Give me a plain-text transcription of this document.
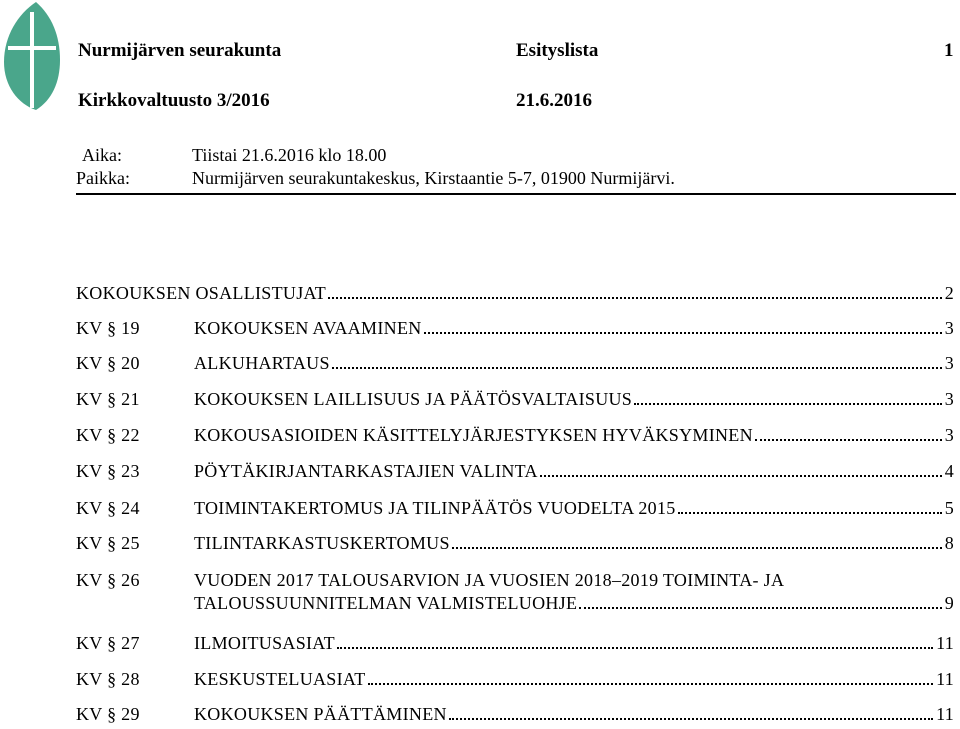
Nurmijärven seurakunta	Esityslista	1
Kirkkovaltuusto 3/2016	21.6.2016
Aika:	Tiistai 21.6.2016 klo 18.00
Paikka:	Nurmijärven seurakuntakeskus, Kirstaantie 5-7, 01900 Nurmijärvi.
KOKOUKSEN OSALLISTUJAT	2
KV § 19	KOKOUKSEN AVAAMINEN	3
KV § 20	ALKUHARTAUS	3
KV § 21	KOKOUKSEN LAILLISUUS JA PÄÄTÖSVALTAISUUS	3
KV § 22	KOKOUSASIOIDEN KÄSITTELYJÄRJESTYKSEN HYVÄKSYMINEN	3
KV § 23	PÖYTÄKIRJANTARKASTAJIEN VALINTA	4
KV § 24	TOIMINTAKERTOMUS JA TILINPÄÄTÖS VUODELTA 2015	5
KV § 25	TILINTARKASTUSKERTOMUS	8
KV § 26	VUODEN 2017 TALOUSARVION JA VUOSIEN 2018–2019 TOIMINTA- JA
TALOUSSUUNNITELMAN VALMISTELUOHJE	9
KV § 27	ILMOITUSASIAT	11
KV § 28	KESKUSTELUASIAT	11
KV § 29	KOKOUKSEN PÄÄTTÄMINEN	11
